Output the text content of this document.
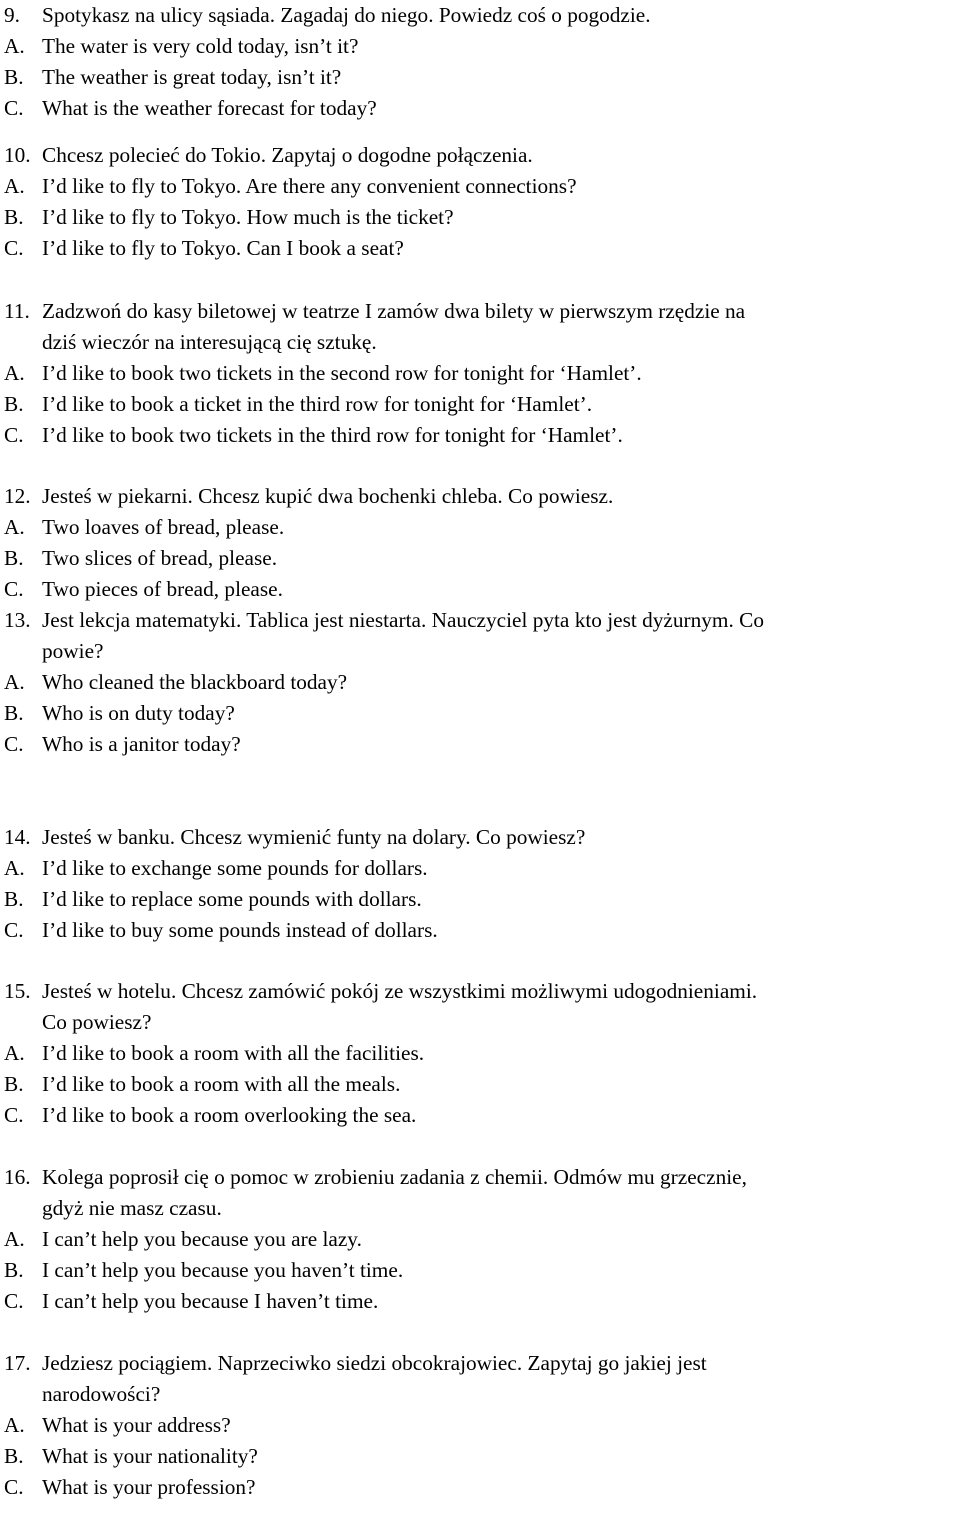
9. Spotykasz na ulicy sąsiada. Zagadaj do niego. Powiedz coś o pogodzie.
A. The water is very cold today, isn’t it?
B. The weather is great today, isn’t it?
C. What is the weather forecast for today?
10. Chcesz polecieć do Tokio. Zapytaj o dogodne połączenia.
A. I’d like to fly to Tokyo. Are there any convenient connections?
B. I’d like to fly to Tokyo. How much is the ticket?
C. I’d like to fly to Tokyo. Can I book a seat?
11. Zadzwoń do kasy biletowej w teatrze I zamów dwa bilety w pierwszym rzędzie na
dziś wieczór na interesującą cię sztukę.
A. I’d like to book two tickets in the second row for tonight for ‘Hamlet’.
B. I’d like to book a ticket in the third row for tonight for ‘Hamlet’.
C. I’d like to book two tickets in the third row for tonight for ‘Hamlet’.
12. Jesteś w piekarni. Chcesz kupić dwa bochenki chleba. Co powiesz.
A. Two loaves of bread, please.
B. Two slices of bread, please.
C. Two pieces of bread, please.
13. Jest lekcja matematyki. Tablica jest niestarta. Nauczyciel pyta kto jest dyżurnym. Co
powie?
A. Who cleaned the blackboard today?
B. Who is on duty today?
C. Who is a janitor today?
14. Jesteś w banku. Chcesz wymienić funty na dolary. Co powiesz?
A. I’d like to exchange some pounds for dollars.
B. I’d like to replace some pounds with dollars.
C. I’d like to buy some pounds instead of dollars.
15. Jesteś w hotelu. Chcesz zamówić pokój ze wszystkimi możliwymi udogodnieniami.
Co powiesz?
A. I’d like to book a room with all the facilities.
B. I’d like to book a room with all the meals.
C. I’d like to book a room overlooking the sea.
16. Kolega poprosił cię o pomoc w zrobieniu zadania z chemii. Odmów mu grzecznie,
gdyż nie masz czasu.
A. I can’t help you because you are lazy.
B. I can’t help you because you haven’t time.
C. I can’t help you because I haven’t time.
17. Jedziesz pociągiem. Naprzeciwko siedzi obcokrajowiec. Zapytaj go jakiej jest
narodowości?
A. What is your address?
B. What is your nationality?
C. What is your profession?
